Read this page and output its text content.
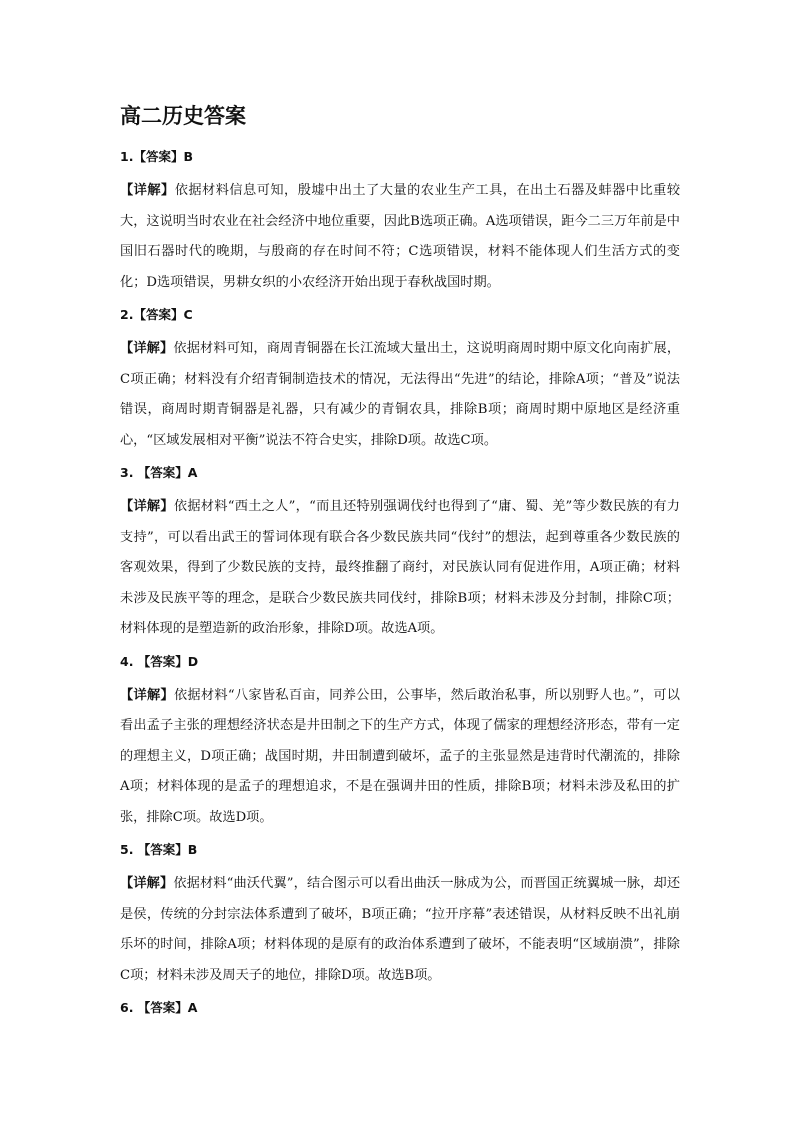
高二历史答案

1.【答案】B

【详解】依据材料信息可知，殷墟中出土了大量的农业生产工具，在出土石器及蚌器中比重较大，这说明当时农业在社会经济中地位重要，因此B选项正确。A选项错误，距今二三万年前是中国旧石器时代的晚期，与殷商的存在时间不符；C选项错误，材料不能体现人们生活方式的变化；D选项错误，男耕女织的小农经济开始出现于春秋战国时期。

2.【答案】C

【详解】依据材料可知，商周青铜器在长江流域大量出土，这说明商周时期中原文化向南扩展，C项正确；材料没有介绍青铜制造技术的情况，无法得出“先进”的结论，排除A项；“普及”说法错误，商周时期青铜器是礼器，只有减少的青铜农具，排除B项；商周时期中原地区是经济重心，“区域发展相对平衡”说法不符合史实，排除D项。故选C项。

3. 【答案】A

【详解】依据材料“西土之人”，“而且还特别强调伐纣也得到了“庸、蜀、羌”等少数民族的有力支持”，可以看出武王的誓词体现有联合各少数民族共同“伐纣”的想法，起到尊重各少数民族的客观效果，得到了少数民族的支持，最终推翻了商纣，对民族认同有促进作用，A项正确；材料未涉及民族平等的理念，是联合少数民族共同伐纣，排除B项；材料未涉及分封制，排除C项；材料体现的是塑造新的政治形象，排除D项。故选A项。

4. 【答案】D

【详解】依据材料“八家皆私百亩，同养公田，公事毕，然后敢治私事，所以别野人也。”，可以看出孟子主张的理想经济状态是井田制之下的生产方式，体现了儒家的理想经济形态，带有一定的理想主义，D项正确；战国时期，井田制遭到破坏，孟子的主张显然是违背时代潮流的，排除A项；材料体现的是孟子的理想追求，不是在强调井田的性质，排除B项；材料未涉及私田的扩张，排除C项。故选D项。

5. 【答案】B

【详解】依据材料“曲沃代翼”，结合图示可以看出曲沃一脉成为公，而晋国正统翼城一脉，却还是侯，传统的分封宗法体系遭到了破坏，B项正确；“拉开序幕”表述错误，从材料反映不出礼崩乐坏的时间，排除A项；材料体现的是原有的政治体系遭到了破坏，不能表明“区域崩溃”，排除C项；材料未涉及周天子的地位，排除D项。故选B项。

6. 【答案】A
